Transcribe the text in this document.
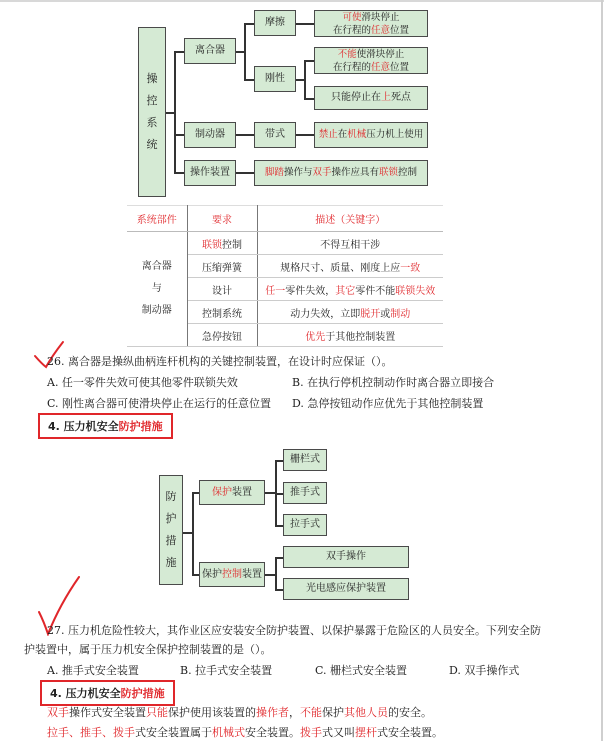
操
控
系
统
离合器
摩擦	可使滑块停止
在行程的任意位置
刚性
不能使滑块停止
在行程的任意位置
只能停止在 上 死点
制动器	带式	禁止 在 机械 压力机上使用
操作装置	脚踏 操作与 双手 操作应具有 联锁 控制
系统部件	要求	描述（关键字）

离合器
与
制动器	联锁控制	不得互相干涉
	压缩弹簧	规格尺寸、质量、刚度上应一致
	设计	任一零件失效，其它零件不能联锁失效
	控制系统	动力失效，立即脱开或制动
	急停按钮	优先于其他控制装置
26. 离合器是操纵曲柄连杆机构的关键控制装置，在设计时应保证（）。
A. 任一零件失效可使其他零件联锁失效	B. 在执行停机控制动作时离合器立即接合
C. 刚性离合器可使滑块停止在运行的任意位置 D. 急停按钮动作应优先于其他控制装置
4. 压力机安全防护措施
防
护
措
施
保护 装置
栅栏式
推手式
拉手式
保护 控制 装置
双手操作
光电感应保护装置
27. 压力机危险性较大，其作业区应安装安全防护装置、以保护暴露于危险区的人员安全。下列安全防
护装置中，属于压力机安全保护控制装置的是（）。
A. 推手式安全装置	B. 拉手式安全装置	C. 栅栏式安全装置	D. 双手操作式
4. 压力机安全防护措施
双手操作式安全装置只能保护使用该装置的操作者，不能保护其他人员的安全。
拉手、推手、拨手式安全装置属于机械式安全装置。拨手式又叫摆杆式安全装置。
